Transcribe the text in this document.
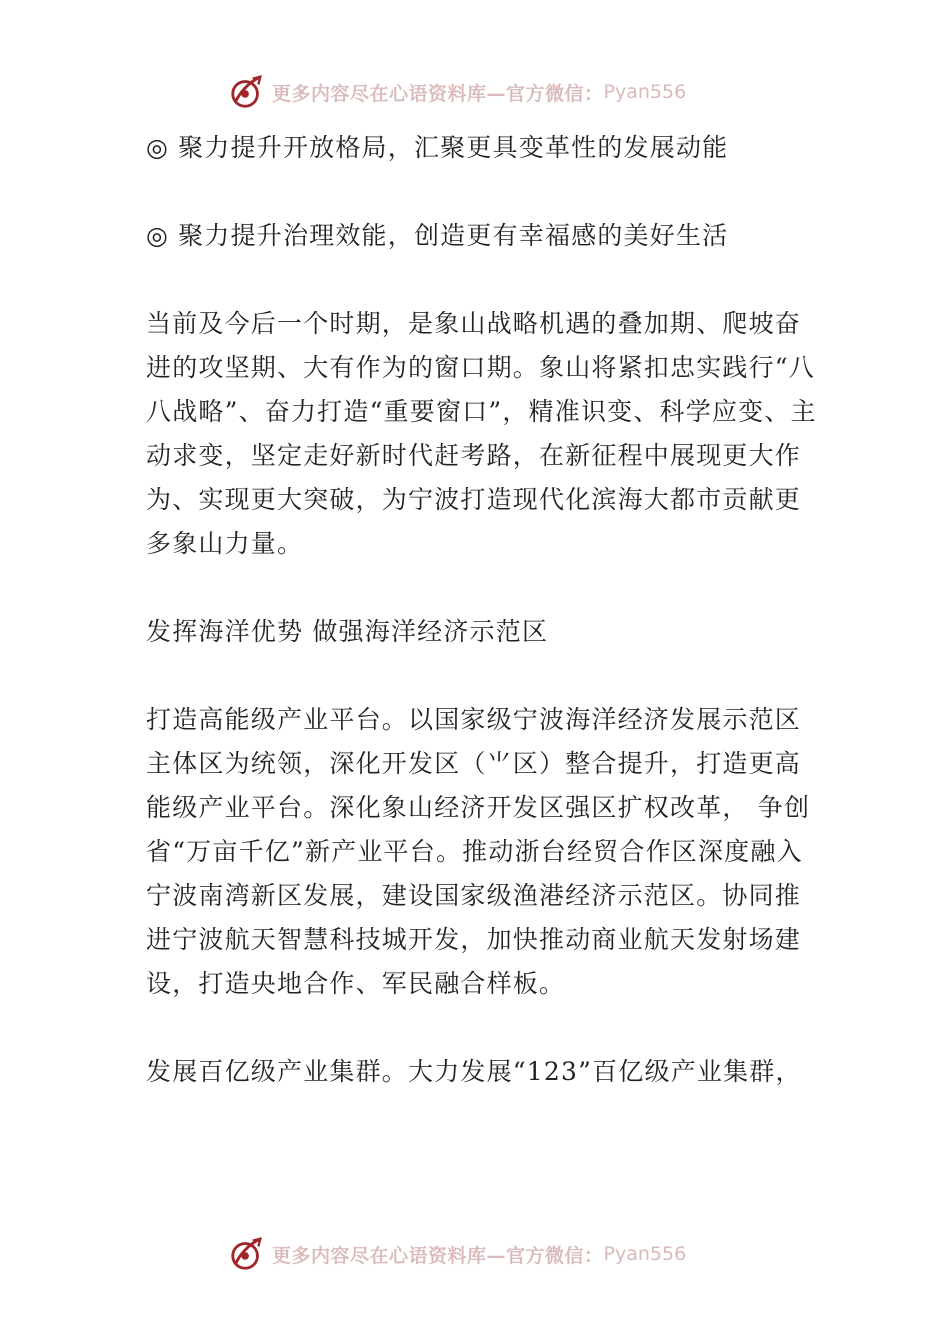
更多内容尽在心语资料库—官方微信： Pyan556

◎ 聚力提升开放格局，汇聚更具变革性的发展动能

◎ 聚力提升治理效能，创造更有幸福感的美好生活

当前及今后一个时期，是象山战略机遇的叠加期、爬坡奋进的攻坚期、大有作为的窗口期。象山将紧扣忠实践行“八八战略”、奋力打造“重要窗口”，精准识变、科学应变、主动求变，坚定走好新时代赶考路，在新征程中展现更大作为、实现更大突破，为宁波打造现代化滨海大都市贡献更多象山力量。

发挥海洋优势 做强海洋经济示范区

打造高能级产业平台。以国家级宁波海洋经济发展示范区主体区为统领，深化开发区（⺌区）整合提升，打造更高能级产业平台。深化象山经济开发区强区扩权改革， 争创省“万亩千亿”新产业平台。推动浙台经贸合作区深度融入宁波南湾新区发展，建设国家级渔港经济示范区。协同推进宁波航天智慧科技城开发，加快推动商业航天发射场建设，打造央地合作、军民融合样板。

发展百亿级产业集群。大力发展“123”百亿级产业集群，

更多内容尽在心语资料库—官方微信： Pyan556
